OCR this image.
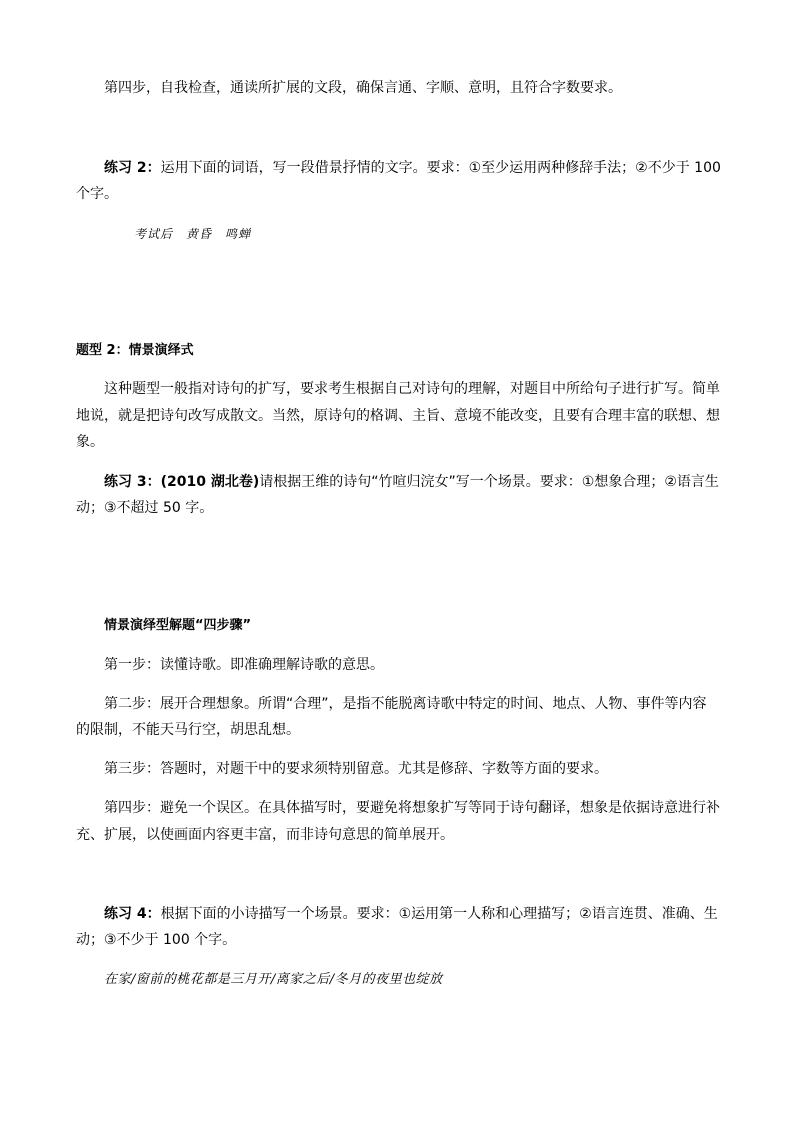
第四步，自我检查，通读所扩展的文段，确保言通、字顺、意明，且符合字数要求。
练习 2：运用下面的词语，写一段借景抒情的文字。要求：①至少运用两种修辞手法；②不少于 100
个字。
考试后　黄昏　鸣蝉
题型 2：情景演绎式
这种题型一般指对诗句的扩写，要求考生根据自己对诗句的理解，对题目中所给句子进行扩写。简单
地说，就是把诗句改写成散文。当然，原诗句的格调、主旨、意境不能改变，且要有合理丰富的联想、想
象。
练习 3：(2010 湖北卷)请根据王维的诗句“竹喧归浣女”写一个场景。要求：①想象合理；②语言生
动；③不超过 50 字。
情景演绎型解题“四步骤”
第一步：读懂诗歌。即准确理解诗歌的意思。
第二步：展开合理想象。所谓“合理”，是指不能脱离诗歌中特定的时间、地点、人物、事件等内容
的限制，不能天马行空，胡思乱想。
第三步：答题时，对题干中的要求须特别留意。尤其是修辞、字数等方面的要求。
第四步：避免一个误区。在具体描写时，要避免将想象扩写等同于诗句翻译，想象是依据诗意进行补
充、扩展，以使画面内容更丰富，而非诗句意思的简单展开。
练习 4：根据下面的小诗描写一个场景。要求：①运用第一人称和心理描写；②语言连贯、准确、生
动；③不少于 100 个字。
在家/窗前的桃花都是三月开/离家之后/冬月的夜里也绽放
